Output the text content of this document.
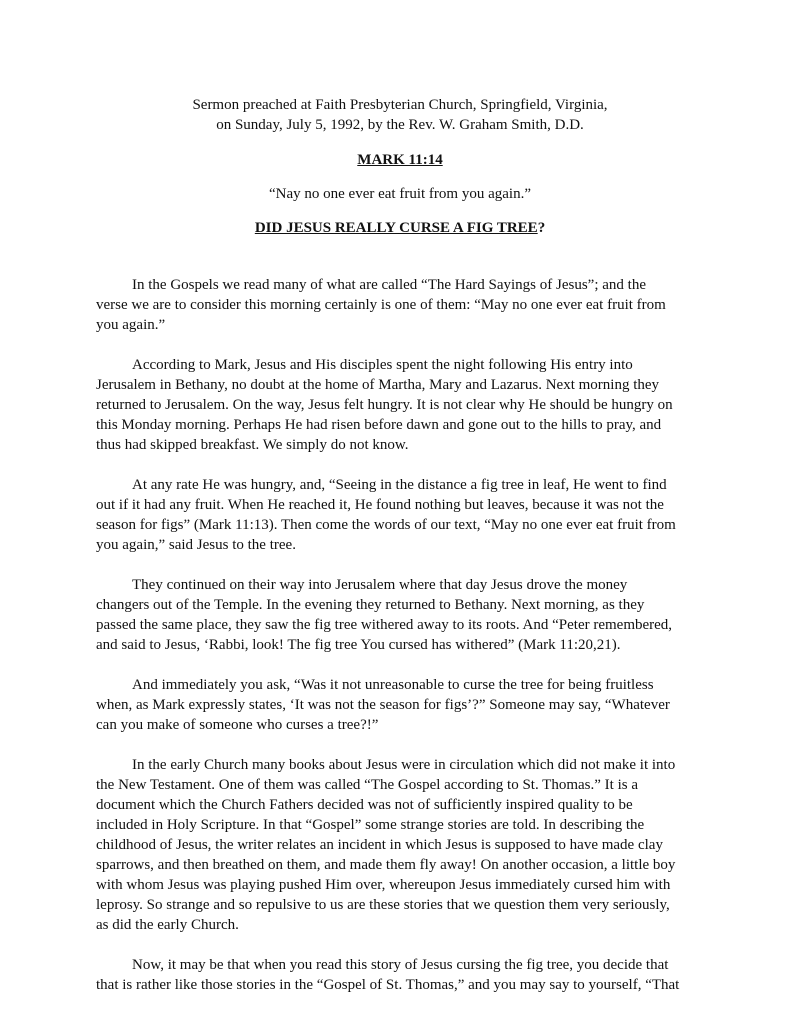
Sermon preached at Faith Presbyterian Church, Springfield, Virginia,
on Sunday, July 5, 1992, by the Rev. W. Graham Smith, D.D.
MARK 11:14
“Nay no one ever eat fruit from you again.”
DID JESUS REALLY CURSE A FIG TREE?

In the Gospels we read many of what are called “The Hard Sayings of Jesus”; and the
verse we are to consider this morning certainly is one of them: “May no one ever eat fruit from
you again.”

According to Mark, Jesus and His disciples spent the night following His entry into
Jerusalem in Bethany, no doubt at the home of Martha, Mary and Lazarus. Next morning they
returned to Jerusalem. On the way, Jesus felt hungry. It is not clear why He should be hungry on
this Monday morning. Perhaps He had risen before dawn and gone out to the hills to pray, and
thus had skipped breakfast. We simply do not know.

At any rate He was hungry, and, “Seeing in the distance a fig tree in leaf, He went to find
out if it had any fruit. When He reached it, He found nothing but leaves, because it was not the
season for figs” (Mark 11:13). Then come the words of our text, “May no one ever eat fruit from
you again,” said Jesus to the tree.

They continued on their way into Jerusalem where that day Jesus drove the money
changers out of the Temple. In the evening they returned to Bethany. Next morning, as they
passed the same place, they saw the fig tree withered away to its roots. And “Peter remembered,
and said to Jesus, ‘Rabbi, look! The fig tree You cursed has withered” (Mark 11:20,21).

And immediately you ask, “Was it not unreasonable to curse the tree for being fruitless
when, as Mark expressly states, ‘It was not the season for figs’?” Someone may say, “Whatever
can you make of someone who curses a tree?!”

In the early Church many books about Jesus were in circulation which did not make it into
the New Testament. One of them was called “The Gospel according to St. Thomas.” It is a
document which the Church Fathers decided was not of sufficiently inspired quality to be
included in Holy Scripture. In that “Gospel” some strange stories are told. In describing the
childhood of Jesus, the writer relates an incident in which Jesus is supposed to have made clay
sparrows, and then breathed on them, and made them fly away! On another occasion, a little boy
with whom Jesus was playing pushed Him over, whereupon Jesus immediately cursed him with
leprosy. So strange and so repulsive to us are these stories that we question them very seriously,
as did the early Church.

Now, it may be that when you read this story of Jesus cursing the fig tree, you decide that
that is rather like those stories in the “Gospel of St. Thomas,” and you may say to yourself, “That
